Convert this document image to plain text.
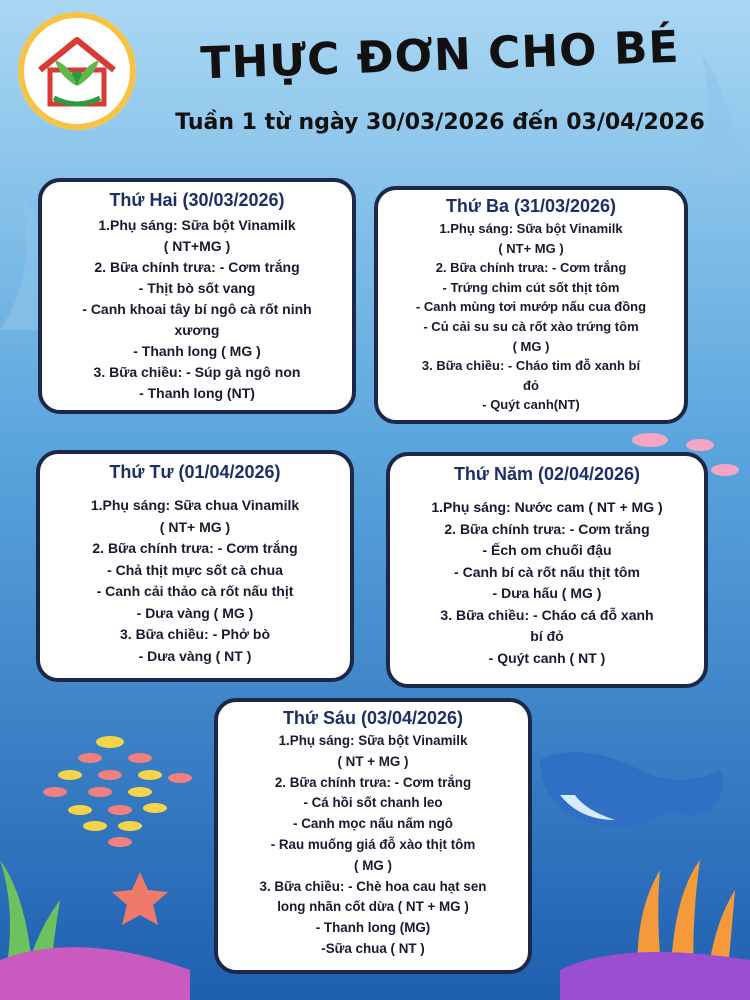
THỰC ĐƠN CHO BÉ
Tuần 1 từ ngày 30/03/2026 đến 03/04/2026
Thứ Hai (30/03/2026)
1.Phụ sáng: Sữa bột Vinamilk
( NT+MG )
2. Bữa chính trưa: - Cơm trắng
- Thịt bò sốt vang
- Canh khoai tây bí ngô cà rốt ninh
xương
- Thanh long ( MG )
3. Bữa chiều: - Súp gà ngô non
- Thanh long (NT)
Thứ Ba (31/03/2026)
1.Phụ sáng: Sữa bột Vinamilk
( NT+ MG )
2. Bữa chính trưa: - Cơm trắng
- Trứng chim cút sốt thịt tôm
- Canh mùng tơi mướp nấu cua đồng
- Củ cải su su cà rốt xào trứng tôm
( MG )
3. Bữa chiều: - Cháo tim đỗ xanh bí
đỏ
- Quýt canh(NT)
Thứ Tư (01/04/2026)
1.Phụ sáng: Sữa chua Vinamilk
( NT+ MG )
2. Bữa chính trưa: - Cơm trắng
- Chả thịt mực sốt cà chua
- Canh cải thảo cà rốt nấu thịt
- Dưa vàng ( MG )
3. Bữa chiều: - Phở bò
- Dưa vàng ( NT )
Thứ Năm (02/04/2026)
1.Phụ sáng: Nước cam ( NT + MG )
2. Bữa chính trưa: - Cơm trắng
- Ếch om chuối đậu
- Canh bí cà rốt nấu thịt tôm
- Dưa hấu ( MG )
3. Bữa chiều: - Cháo cá đỗ xanh
bí đỏ
- Quýt canh ( NT )
Thứ Sáu (03/04/2026)
1.Phụ sáng: Sữa bột Vinamilk
( NT + MG )
2. Bữa chính trưa: - Cơm trắng
- Cá hồi sốt chanh leo
- Canh mọc nấu nấm ngô
- Rau muống giá đỗ xào thịt tôm
( MG )
3. Bữa chiều: - Chè hoa cau hạt sen
long nhãn cốt dừa ( NT + MG )
- Thanh long (MG)
-Sữa chua ( NT )
